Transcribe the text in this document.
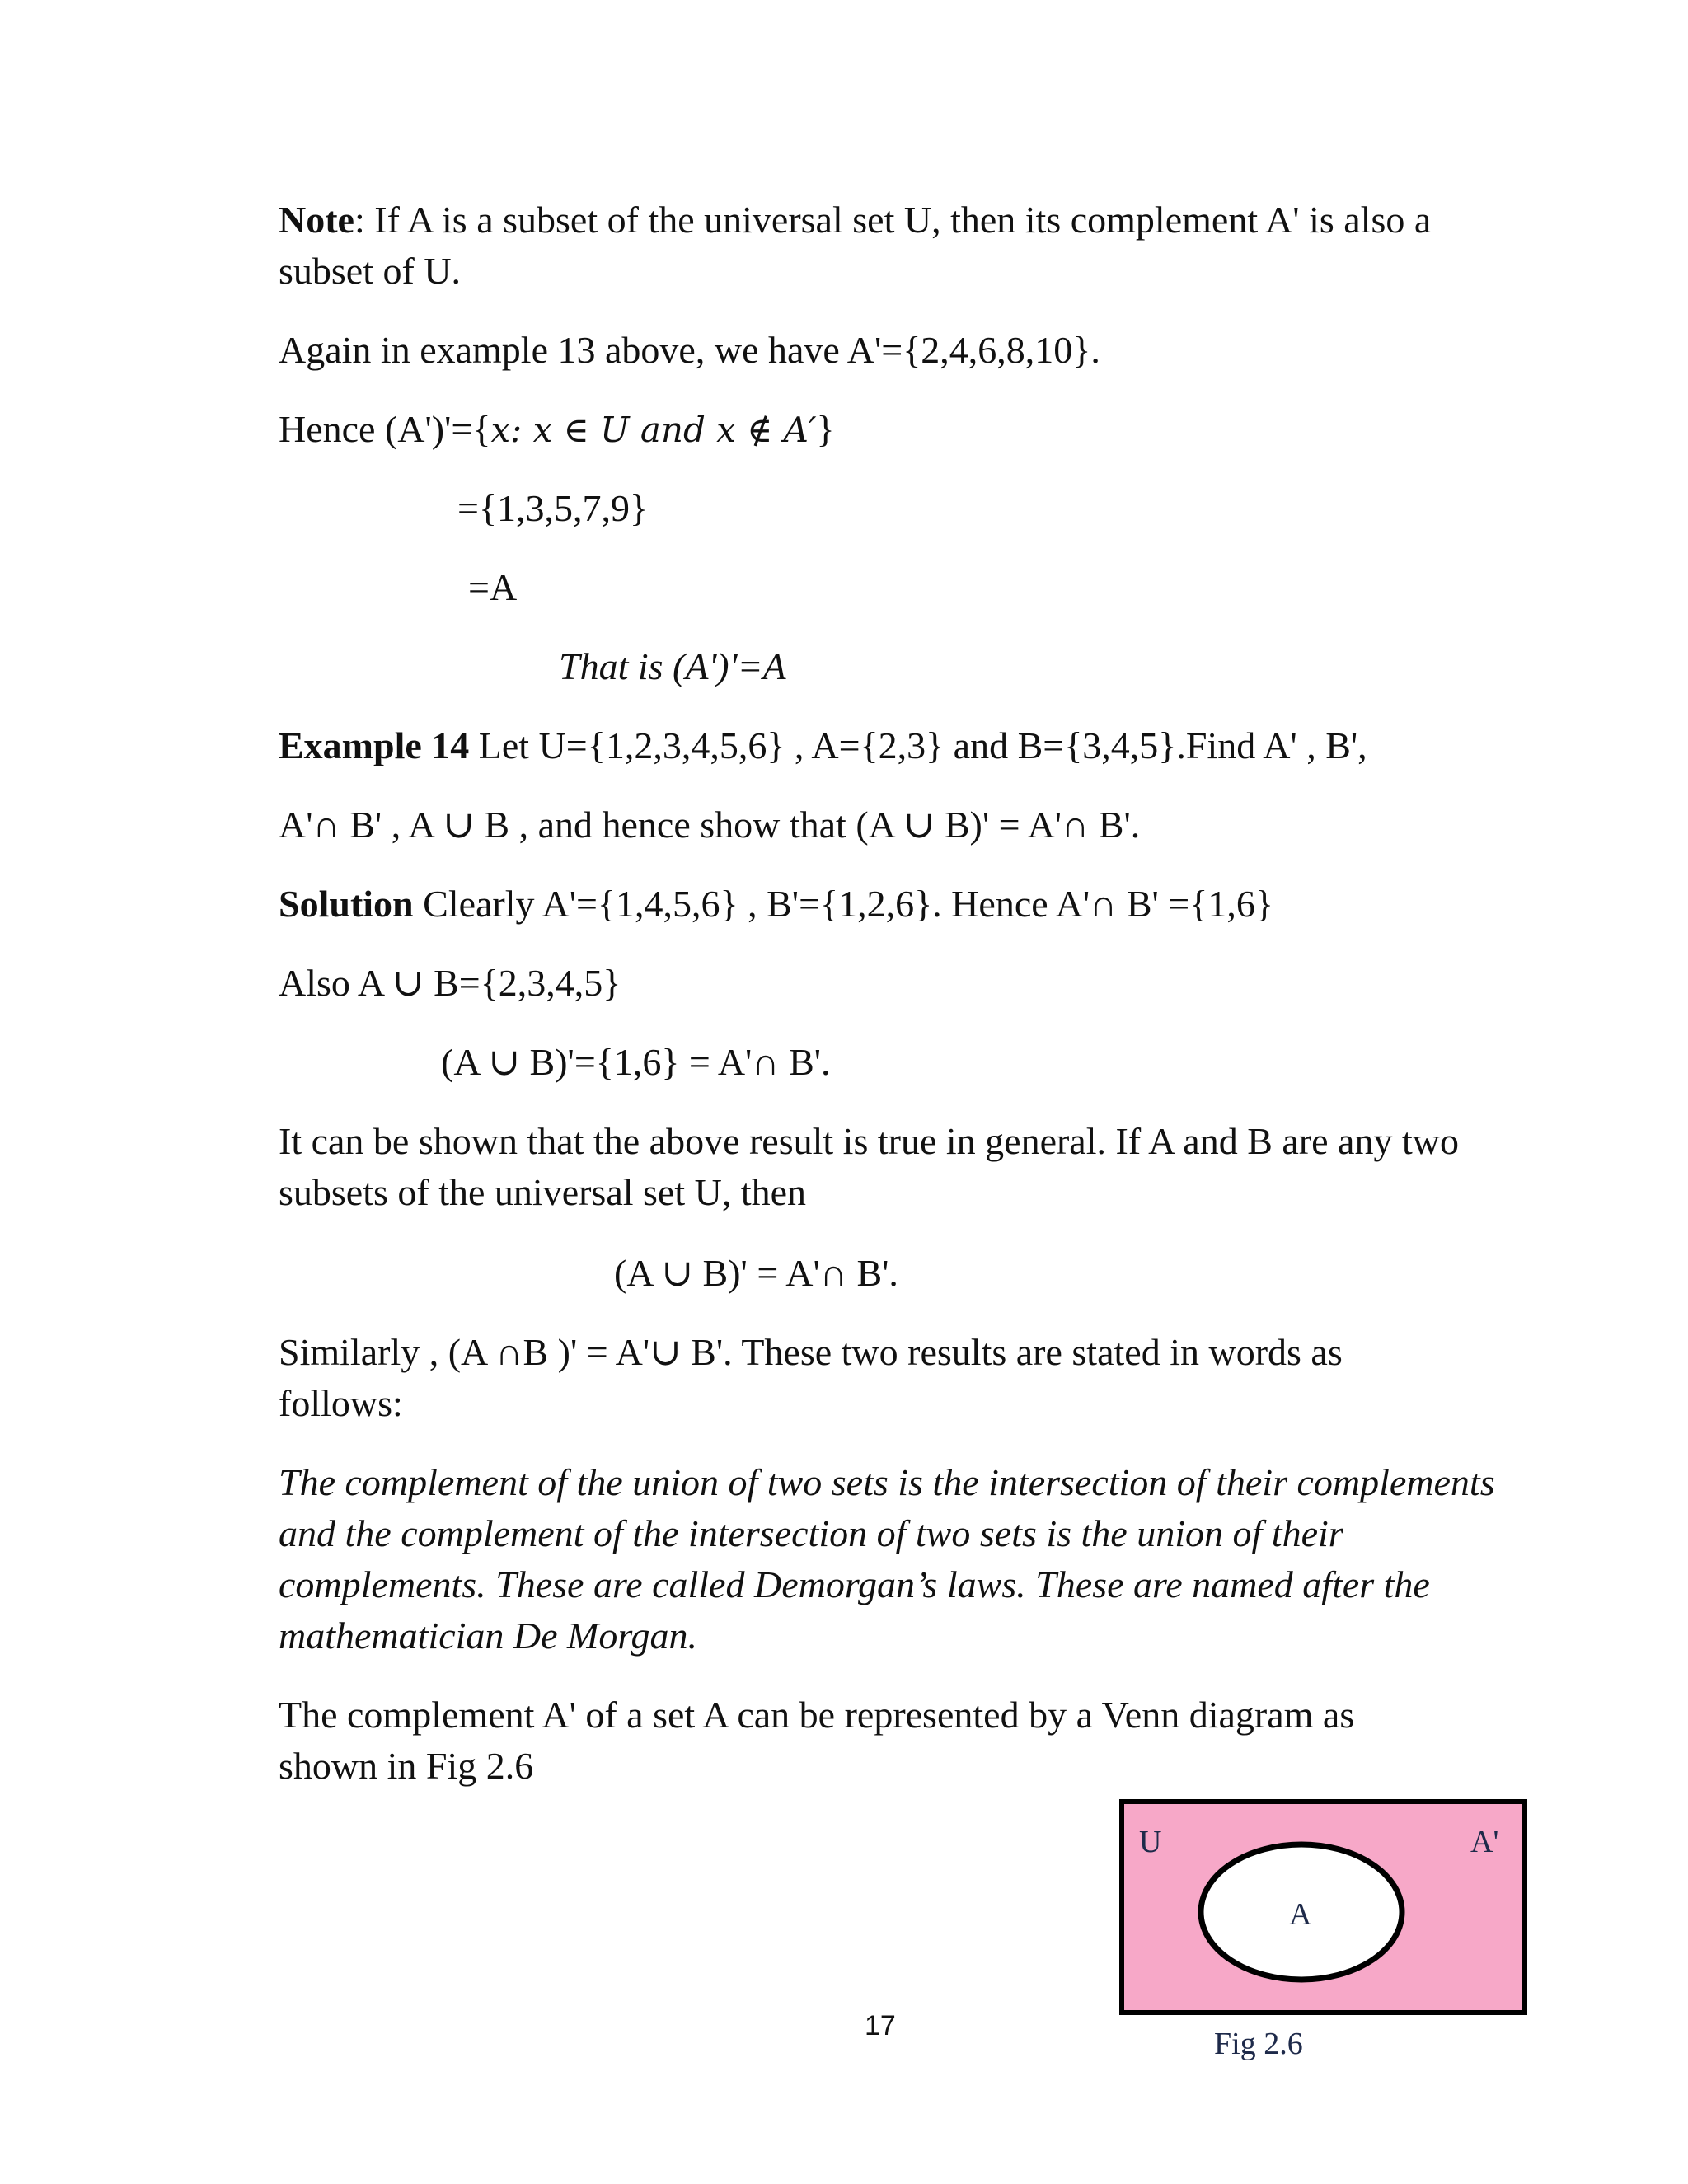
Note: If A is a subset of the universal set U, then its complement A' is also a subset of U.

Again in example 13 above, we have A'={2,4,6,8,10}.

Hence (A')'={x: x ∈ U and x ∉ A′}

={1,3,5,7,9}

=A

That is (A')'=A

Example 14 Let U={1,2,3,4,5,6} , A={2,3} and B={3,4,5}.Find A' , B',

A'∩ B' , A ∪ B , and hence show that (A ∪ B)' = A'∩ B'.

Solution Clearly A'={1,4,5,6} , B'={1,2,6}. Hence A'∩ B' ={1,6}

Also A ∪ B={2,3,4,5}

(A ∪ B)'={1,6} = A'∩ B'.

It can be shown that the above result is true in general. If A and B are any two subsets of the universal set U, then

(A ∪ B)' = A'∩ B'.

Similarly , (A ∩B )' = A'∪ B'. These two results are stated in words as follows:

The complement of the union of two sets is the intersection of their complements and the complement of the intersection of two sets is the union of their complements. These are called Demorgan’s laws. These are named after the mathematician De Morgan.

The complement A' of a set A can be represented by a Venn diagram as shown in Fig 2.6

U	A'
A
Fig 2.6
17
